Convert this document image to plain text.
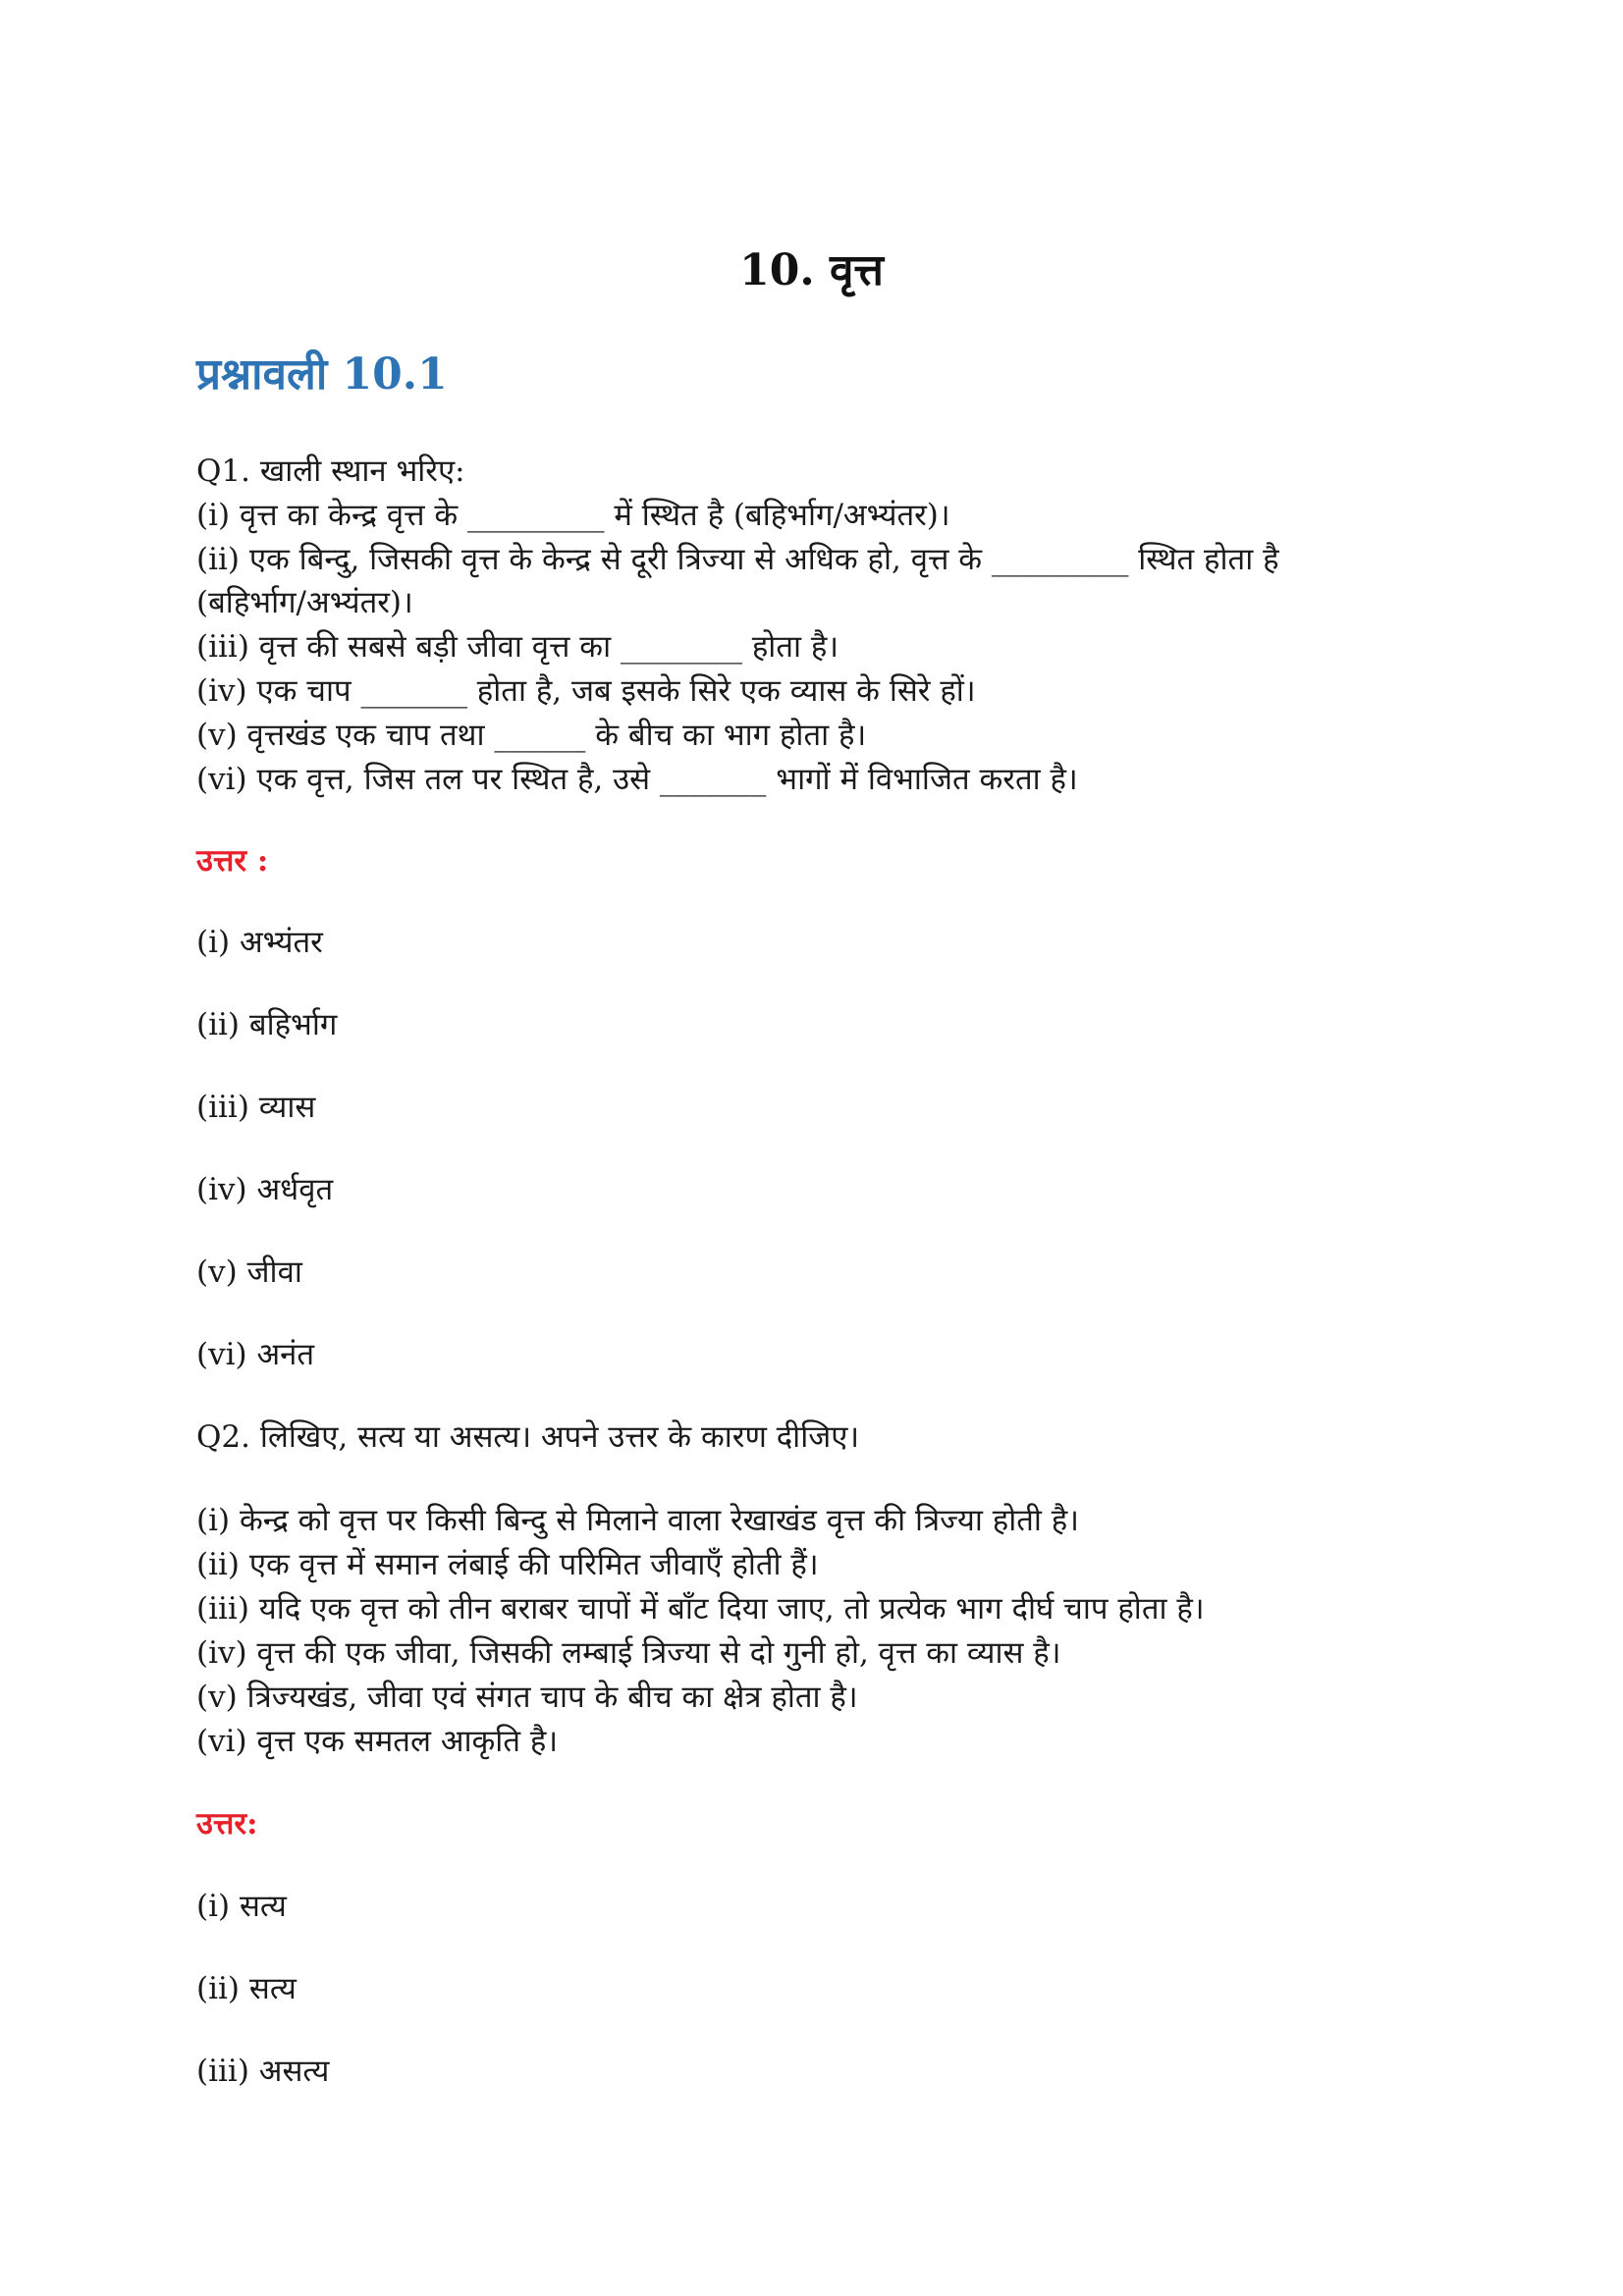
10. वृत्त
प्रश्नावली 10.1
Q1. खाली स्थान भरिए:
(i) वृत्त का केन्द्र वृत्त के _________ में स्थित है (बहिर्भाग/अभ्यंतर)।
(ii) एक बिन्दु, जिसकी वृत्त के केन्द्र से दूरी त्रिज्या से अधिक हो, वृत्त के _________ स्थित होता है
(बहिर्भाग/अभ्यंतर)।
(iii) वृत्त की सबसे बड़ी जीवा वृत्त का ________ होता है।
(iv) एक चाप _______ होता है, जब इसके सिरे एक व्यास के सिरे हों।
(v) वृत्तखंड एक चाप तथा ______ के बीच का भाग होता है।
(vi) एक वृत्त, जिस तल पर स्थित है, उसे _______ भागों में विभाजित करता है।
उत्तर :
(i) अभ्यंतर
(ii) बहिर्भाग
(iii) व्यास
(iv) अर्धवृत
(v) जीवा
(vi) अनंत
Q2. लिखिए, सत्य या असत्य। अपने उत्तर के कारण दीजिए।
(i) केन्द्र को वृत्त पर किसी बिन्दु से मिलाने वाला रेखाखंड वृत्त की त्रिज्या होती है।
(ii) एक वृत्त में समान लंबाई की परिमित जीवाएँ होती हैं।
(iii) यदि एक वृत्त को तीन बराबर चापों में बाँट दिया जाए, तो प्रत्येक भाग दीर्घ चाप होता है।
(iv) वृत्त की एक जीवा, जिसकी लम्बाई त्रिज्या से दो गुनी हो, वृत्त का व्यास है।
(v) त्रिज्यखंड, जीवा एवं संगत चाप के बीच का क्षेत्र होता है।
(vi) वृत्त एक समतल आकृति है।
उत्तर:
(i) सत्य
(ii) सत्य
(iii) असत्य
